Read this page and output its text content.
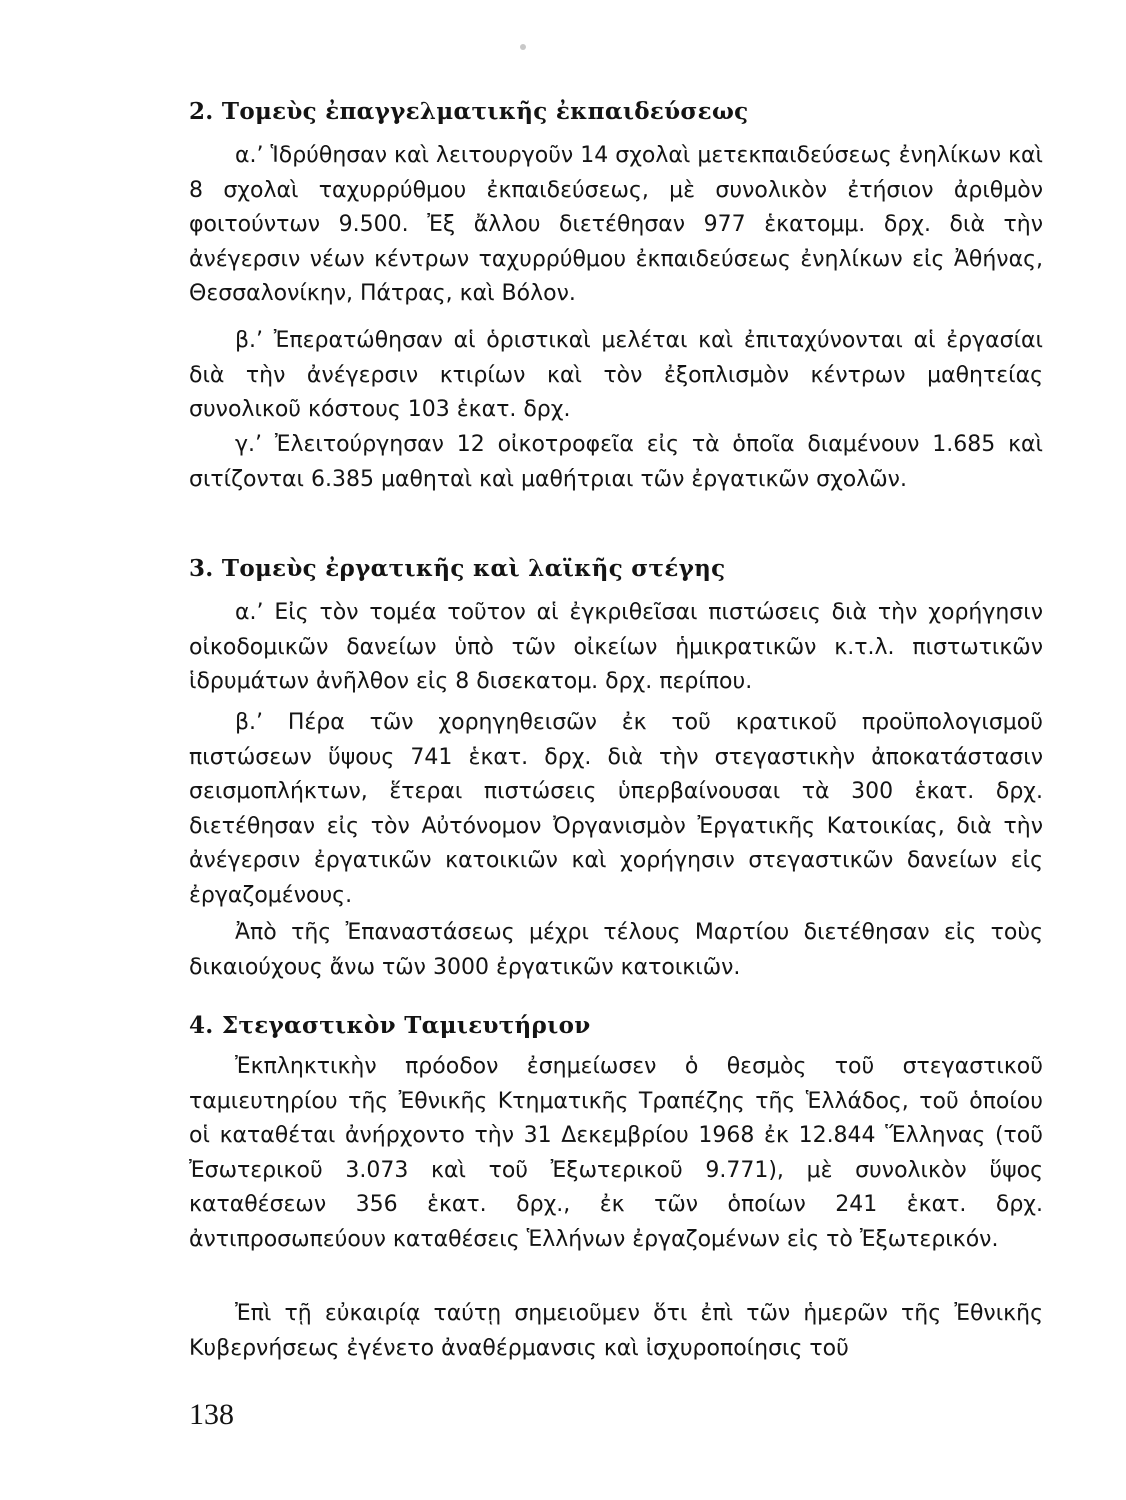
2. Τομεὺς ἐπαγγελματικῆς ἐκπαιδεύσεως

α.’ Ἱδρύθησαν καὶ λειτουργοῦν 14 σχολαὶ μετεκπαιδεύσεως ἐνηλίκων καὶ 8 σχολαὶ ταχυρρύθμου ἐκπαιδεύσεως, μὲ συνολικὸν ἐτήσιον ἀριθμὸν φοιτούντων 9.500. Ἐξ ἄλλου διετέθησαν 977 ἑκατομμ. δρχ. διὰ τὴν ἀνέγερσιν νέων κέντρων ταχυρρύθμου ἐκπαιδεύσεως ἐνηλίκων εἰς Ἀθήνας, Θεσσαλονίκην, Πάτρας, καὶ Βόλον.

β.’ Ἐπερατώθησαν αἱ ὁριστικαὶ μελέται καὶ ἐπιταχύνονται αἱ ἐργασίαι διὰ τὴν ἀνέγερσιν κτιρίων καὶ τὸν ἐξοπλισμὸν κέντρων μαθητείας συνολικοῦ κόστους 103 ἑκατ. δρχ.

γ.’ Ἐλειτούργησαν 12 οἰκοτροφεῖα εἰς τὰ ὁποῖα διαμένουν 1.685 καὶ σιτίζονται 6.385 μαθηταὶ καὶ μαθήτριαι τῶν ἐργατικῶν σχολῶν.

3. Τομεὺς ἐργατικῆς καὶ λαϊκῆς στέγης

α.’ Εἰς τὸν τομέα τοῦτον αἱ ἐγκριθεῖσαι πιστώσεις διὰ τὴν χορήγησιν οἰκοδομικῶν δανείων ὑπὸ τῶν οἰκείων ἡμικρατικῶν κ.τ.λ. πιστωτικῶν ἱδρυμάτων ἀνῆλθον εἰς 8 δισεκατομ. δρχ. περίπου.

β.’ Πέρα τῶν χορηγηθεισῶν ἐκ τοῦ κρατικοῦ προϋπολογισμοῦ πιστώσεων ὕψους 741 ἑκατ. δρχ. διὰ τὴν στεγαστικὴν ἀποκατάστασιν σεισμοπλήκτων, ἕτεραι πιστώσεις ὑπερβαίνουσαι τὰ 300 ἑκατ. δρχ. διετέθησαν εἰς τὸν Αὐτόνομον Ὀργανισμὸν Ἐργατικῆς Κατοικίας, διὰ τὴν ἀνέγερσιν ἐργατικῶν κατοικιῶν καὶ χορήγησιν στεγαστικῶν δανείων εἰς ἐργαζομένους.

Ἀπὸ τῆς Ἐπαναστάσεως μέχρι τέλους Μαρτίου διετέθησαν εἰς τοὺς δικαιούχους ἄνω τῶν 3000 ἐργατικῶν κατοικιῶν.

4. Στεγαστικὸν Ταμιευτήριον

Ἐκπληκτικὴν πρόοδον ἐσημείωσεν ὁ θεσμὸς τοῦ στεγαστικοῦ ταμιευτηρίου τῆς Ἐθνικῆς Κτηματικῆς Τραπέζης τῆς Ἑλλάδος, τοῦ ὁποίου οἱ καταθέται ἀνήρχοντο τὴν 31 Δεκεμβρίου 1968 ἐκ 12.844 Ἕλληνας (τοῦ Ἐσωτερικοῦ 3.073 καὶ τοῦ Ἐξωτερικοῦ 9.771), μὲ συνολικὸν ὕψος καταθέσεων 356 ἑκατ. δρχ., ἐκ τῶν ὁποίων 241 ἑκατ. δρχ. ἀντιπροσωπεύουν καταθέσεις Ἑλλήνων ἐργαζομένων εἰς τὸ Ἐξωτερικόν.

Ἐπὶ τῇ εὐκαιρίᾳ ταύτῃ σημειοῦμεν ὅτι ἐπὶ τῶν ἡμερῶν τῆς Ἐθνικῆς Κυβερνήσεως ἐγένετο ἀναθέρμανσις καὶ ἰσχυροποίησις τοῦ

138
